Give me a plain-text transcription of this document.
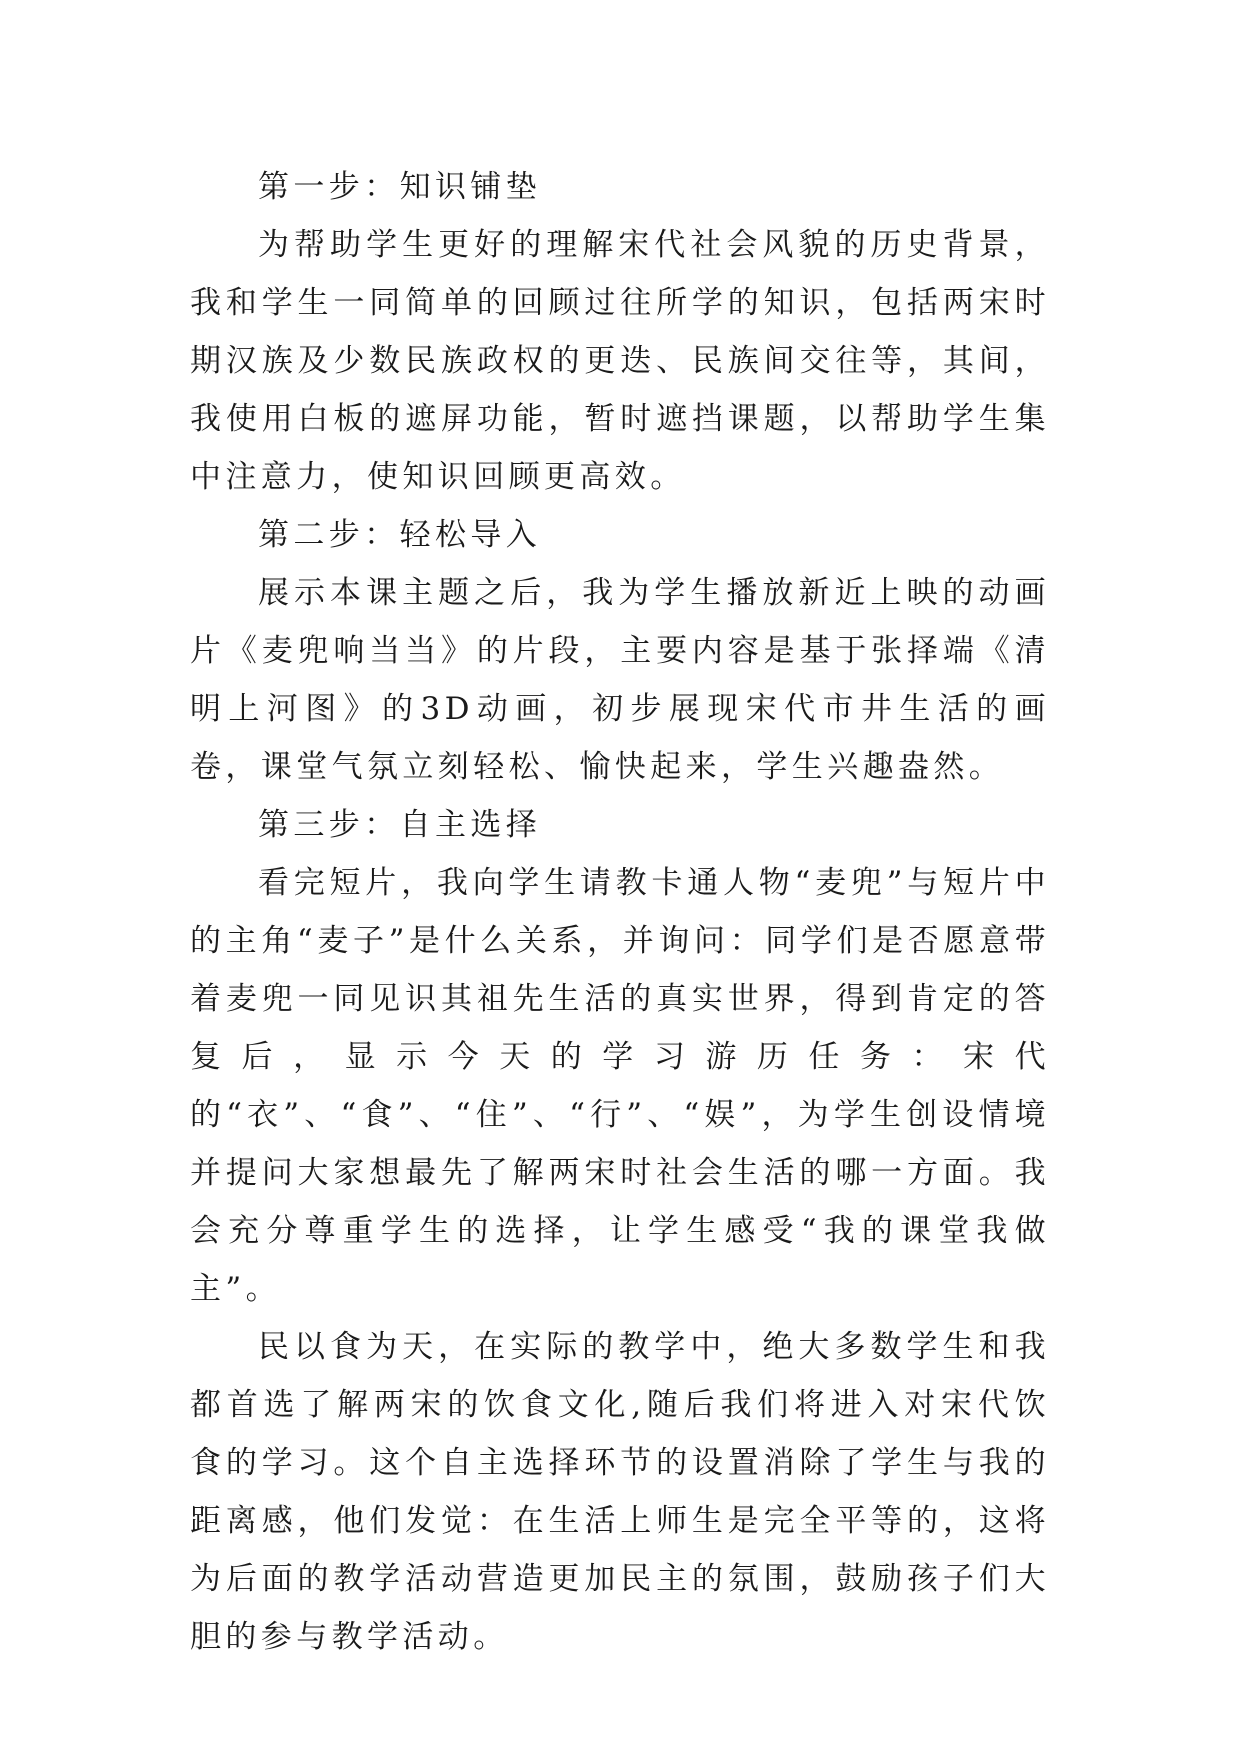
第一步：知识铺垫

为帮助学生更好的理解宋代社会风貌的历史背景，我和学生一同简单的回顾过往所学的知识，包括两宋时期汉族及少数民族政权的更迭、民族间交往等，其间，我使用白板的遮屏功能，暂时遮挡课题，以帮助学生集中注意力，使知识回顾更高效。

第二步：轻松导入

展示本课主题之后，我为学生播放新近上映的动画片《麦兜响当当》的片段，主要内容是基于张择端《清明上河图》的3D动画，初步展现宋代市井生活的画卷，课堂气氛立刻轻松、愉快起来，学生兴趣盎然。

第三步：自主选择

看完短片，我向学生请教卡通人物“麦兜”与短片中的主角“麦子”是什么关系，并询问：同学们是否愿意带着麦兜一同见识其祖先生活的真实世界，得到肯定的答复后，显示今天的学习游历任务：宋代的“衣”、“食”、“住”、“行”、“娱”，为学生创设情境并提问大家想最先了解两宋时社会生活的哪一方面。我会充分尊重学生的选择，让学生感受“我的课堂我做主”。

民以食为天，在实际的教学中，绝大多数学生和我都首选了解两宋的饮食文化,随后我们将进入对宋代饮食的学习。这个自主选择环节的设置消除了学生与我的距离感，他们发觉：在生活上师生是完全平等的，这将为后面的教学活动营造更加民主的氛围，鼓励孩子们大胆的参与教学活动。
